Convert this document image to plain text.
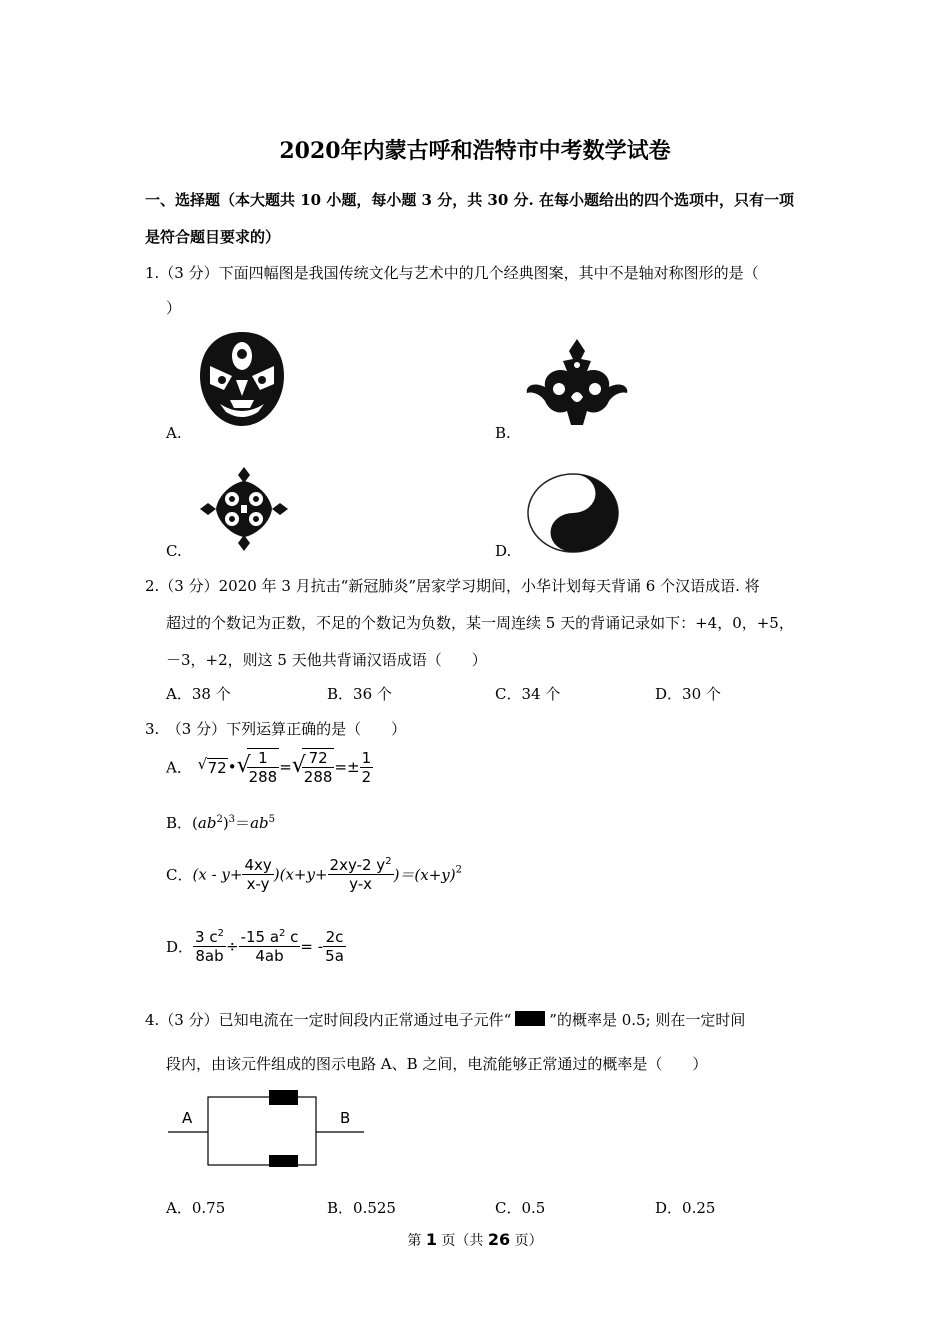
2020年内蒙古呼和浩特市中考数学试卷
一、选择题（本大题共 10 小题，每小题 3 分，共 30 分. 在每小题给出的四个选项中，只有一项
是符合题目要求的）
1.（3 分）下面四幅图是我国传统文化与艺术中的几个经典图案，其中不是轴对称图形的是（
）
A.	B.
C.	D.
2.（3 分）2020 年 3 月抗击“新冠肺炎”居家学习期间，小华计划每天背诵 6 个汉语成语. 将
超过的个数记为正数，不足的个数记为负数，某一周连续 5 天的背诵记录如下：+4，0，+5，
－3，+2，则这 5 天他共背诵汉语成语（　　）
A．38 个	B．36 个	C．34 个	D．30 个
3.　（3 分）下列运算正确的是（　　）
A． √ 72• √
$\frac{1}{288}$ = √
$\frac{72}{288} =\pm \frac{1}{2}$
B．$(ab^2)^3=ab^5$
C．$(x - y+ \frac{4xy}{x-y} )(x+y+ \frac{2xy-2 y^2}{y-x} )=(x+y)^2$
D． $\frac{3 c^2}{8ab} \div \frac{-15 a^2 c}{4ab}$ = - $\frac{2c}{5a}$
4.（3 分）已知电流在一定时间段内正常通过电子元件“	”的概率是 0.5; 则在一定时间
段内，由该元件组成的图示电路 A、B 之间，电流能够正常通过的概率是（　　）
A	B
A．0.75	B．0.525	C．0.5	D．0.25
第 1 页（共 26 页）
